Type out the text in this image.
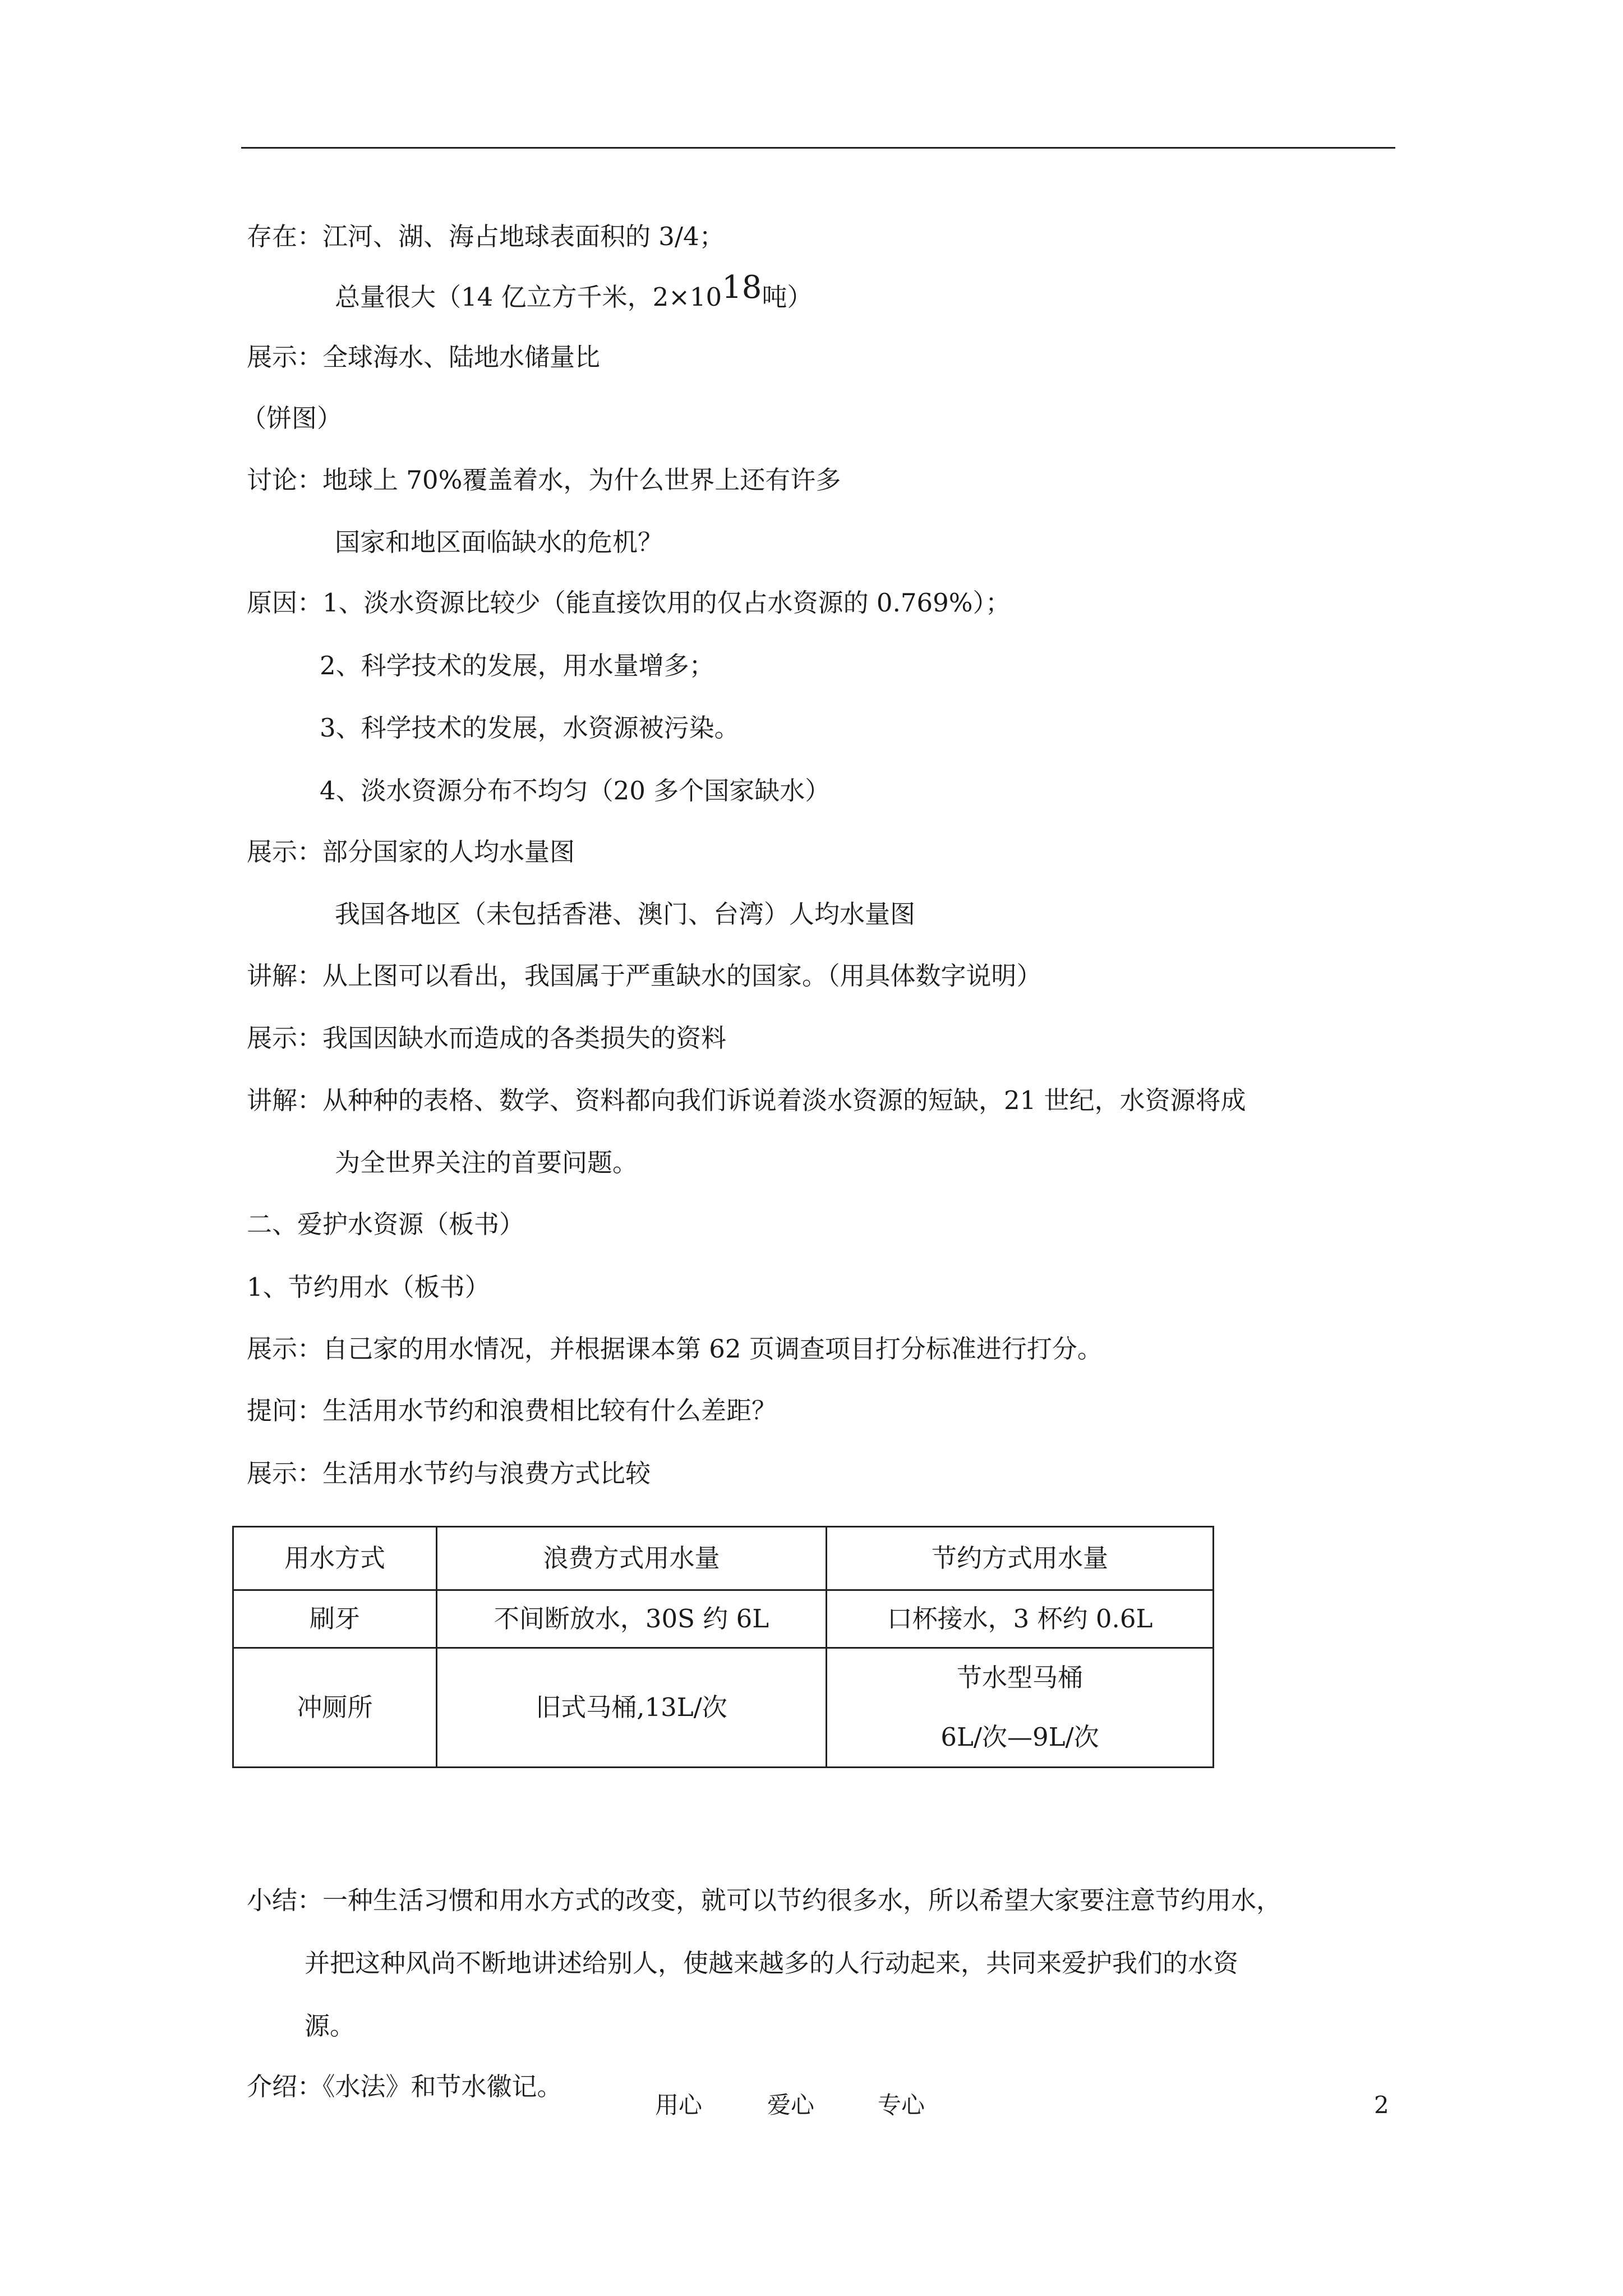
存在：江河、湖、海占地球表面积的 3/4；
总量很大（14 亿立方千米，$2\times 10^{18}$吨）
展示：全球海水、陆地水储量比
（饼图）
讨论：地球上 70%覆盖着水，为什么世界上还有许多
国家和地区面临缺水的危机？
原因：1、淡水资源比较少（能直接饮用的仅占水资源的 0.769%）；
2、科学技术的发展，用水量增多；
3、科学技术的发展，水资源被污染。
4、淡水资源分布不均匀（20 多个国家缺水）
展示：部分国家的人均水量图
我国各地区（未包括香港、澳门、台湾）人均水量图
讲解：从上图可以看出，我国属于严重缺水的国家。（用具体数字说明）
展示：我国因缺水而造成的各类损失的资料
讲解：从种种的表格、数学、资料都向我们诉说着淡水资源的短缺，21 世纪，水资源将成
为全世界关注的首要问题。
二、爱护水资源（板书）
1、节约用水（板书）
展示：自己家的用水情况，并根据课本第 62 页调查项目打分标准进行打分。
提问：生活用水节约和浪费相比较有什么差距？
展示：生活用水节约与浪费方式比较
用水方式	浪费方式用水量	节约方式用水量
刷牙	不间断放水，30S 约 6L	口杯接水，3 杯约 0.6L
冲厕所	旧式马桶,13L/次	节水型马桶
6L/次—9L/次
小结：一种生活习惯和用水方式的改变，就可以节约很多水，所以希望大家要注意节约用水，
并把这种风尚不断地讲述给别人，使越来越多的人行动起来，共同来爱护我们的水资
源。
介绍：《水法》和节水徽记。
用心	爱心	专心	2
